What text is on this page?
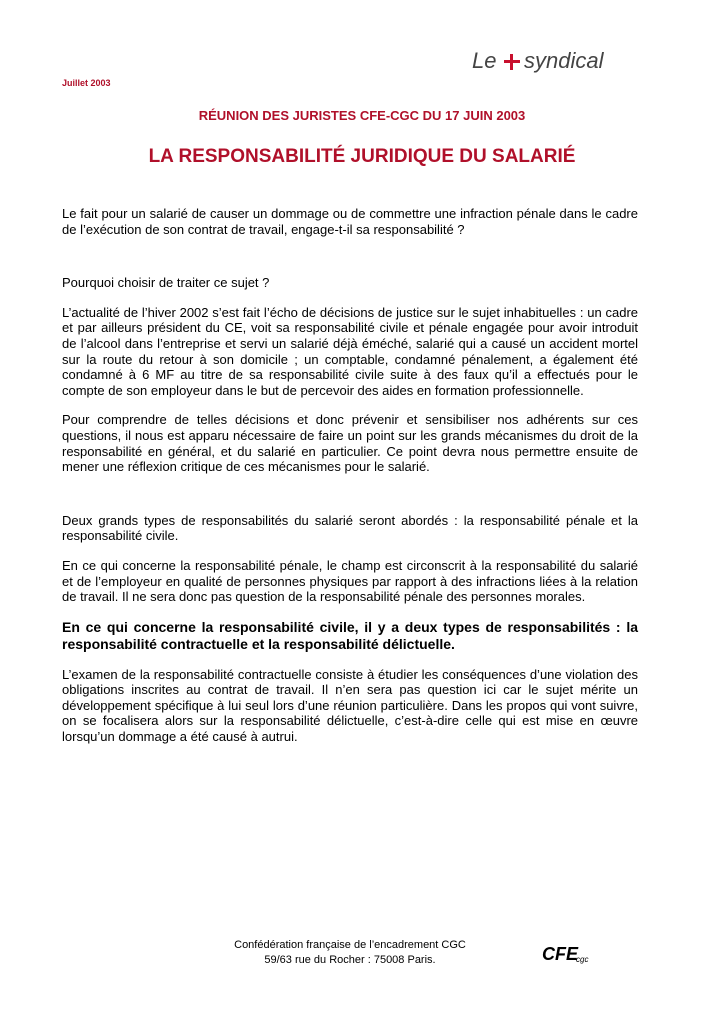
Juillet 2003
Le syndical
RÉUNION DES JURISTES CFE-CGC DU 17 JUIN 2003
LA RESPONSABILITÉ JURIDIQUE DU SALARIÉ

Le fait pour un salarié de causer un dommage ou de commettre une infraction pénale dans le cadre de l’exécution de son contrat de travail, engage-t-il sa responsabilité ?

Pourquoi choisir de traiter ce sujet ?

L’actualité de l’hiver 2002 s’est fait l’écho de décisions de justice sur le sujet inhabituelles : un cadre et par ailleurs président du CE, voit sa responsabilité civile et pénale engagée pour avoir introduit de l’alcool dans l’entreprise et servi un salarié déjà éméché, salarié qui a causé un accident mortel sur la route du retour à son domicile ; un comptable, condamné pénalement, a également été condamné à 6 MF au titre de sa responsabilité civile suite à des faux qu’il a effectués pour le compte de son employeur dans le but de percevoir des aides en formation professionnelle.

Pour comprendre de telles décisions et donc prévenir et sensibiliser nos adhérents sur ces questions, il nous est apparu nécessaire de faire un point sur les grands mécanismes du droit de la responsabilité en général, et du salarié en particulier. Ce point devra nous permettre ensuite de mener une réflexion critique de ces mécanismes pour le salarié.

Deux grands types de responsabilités du salarié seront abordés : la responsabilité pénale et la responsabilité civile.

En ce qui concerne la responsabilité pénale, le champ est circonscrit à la responsabilité du salarié et de l’employeur en qualité de personnes physiques par rapport à des infractions liées à la relation de travail. Il ne sera donc pas question de la responsabilité pénale des personnes morales.

En ce qui concerne la responsabilité civile, il y a deux types de responsabilités : la responsabilité contractuelle et la responsabilité délictuelle.

L’examen de la responsabilité contractuelle consiste à étudier les conséquences d’une violation des obligations inscrites au contrat de travail. Il n’en sera pas question ici car le sujet mérite un développement spécifique à lui seul lors d’une réunion particulière. Dans les propos qui vont suivre, on se focalisera alors sur la responsabilité délictuelle, c’est-à-dire celle qui est mise en œuvre lorsqu’un dommage a été causé à autrui.

Confédération française de l’encadrement CGC
59/63 rue du Rocher : 75008 Paris.	CFE
cgc
